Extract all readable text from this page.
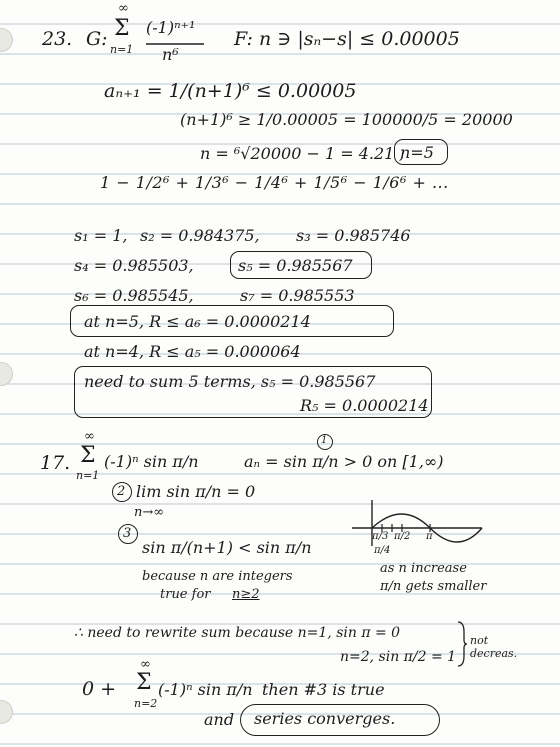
23. G:
∞
Σ
n=1
(-1)ⁿ⁺¹
n⁶
F: n ∋ |sₙ−s| ≤ 0.00005
aₙ₊₁ = 1/(n+1)⁶ ≤ 0.00005
(n+1)⁶ ≥ 1/0.00005 = 100000/5 = 20000
n = ⁶√20000 − 1 = 4.21 ;
n=5
1 − 1/2⁶ + 1/3⁶ − 1/4⁶ + 1/5⁶ − 1/6⁶ + ...
s₁ = 1, s₂ = 0.984375, s₃ = 0.985746
s₄ = 0.985503,	s₅ = 0.985567
s₆ = 0.985545,	s₇ = 0.985553
at n=5, R ≤ a₆ = 0.0000214
at n=4, R ≤ a₅ = 0.000064
need to sum 5 terms, s₅ = 0.985567
R₅ = 0.0000214
17.
∞
Σ
n=1
(-1)ⁿ sin π/n
1
aₙ = sin π/n > 0 on [1,∞)
2 lim sin π/n = 0
n→∞
3
sin π/(n+1) < sin π/n
because n are integers
true for n≥2
π/3 π/2 π
π/4
as n increase
π/n gets smaller
∴ need to rewrite sum because n=1, sin π = 0
n=2, sin π/2 = 1
not decreas.
0 +
∞
Σ
n=2
(-1)ⁿ sin π/n then #3 is true
and series converges.
